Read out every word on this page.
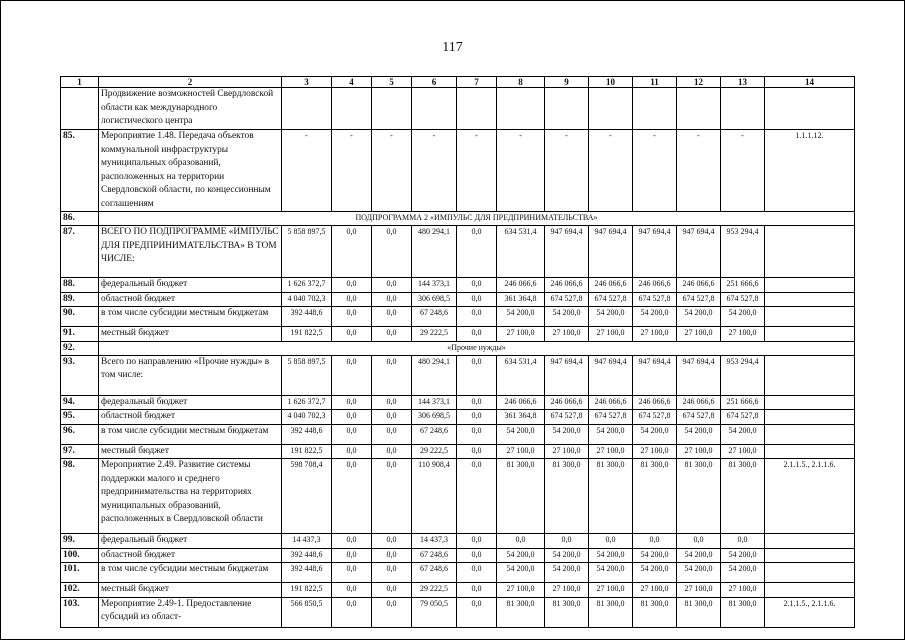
117
1	2	3	4	5	6	7	8	9	10	11	12	13	14
	Продвижение возможностей Свердловской области как международного логистического центра												
85.	Мероприятие 1.48. Передача объектов коммунальной инфраструктуры муниципальных образований, расположенных на территории Свердловской области, по концессионным соглашениям	-	-	-	-	-	-	-	-	-	-	-	1.1.1.12.
86.	ПОДПРОГРАММА 2 «ИМПУЛЬС ДЛЯ ПРЕДПРИНИМАТЕЛЬСТВА»												
87.	ВСЕГО ПО ПОДПРОГРАММЕ «ИМПУЛЬС ДЛЯ ПРЕДПРИНИМАТЕЛЬСТВА» В ТОМ ЧИСЛЕ:	5 858 897,5	0,0	0,0	480 294,1	0,0	634 531,4	947 694,4	947 694,4	947 694,4	947 694,4	953 294,4	
88.	федеральный бюджет	1 626 372,7	0,0	0,0	144 373,1	0,0	246 066,6	246 066,6	246 066,6	246 066,6	246 066,6	251 666,6	
89.	областной бюджет	4 040 702,3	0,0	0,0	306 698,5	0,0	361 364,8	674 527,8	674 527,8	674 527,8	674 527,8	674 527,8	
90.	в том числе субсидии местным бюджетам	392 448,6	0,0	0,0	67 248,6	0,0	54 200,0	54 200,0	54 200,0	54 200,0	54 200,0	54 200,0	
91.	местный бюджет	191 822,5	0,0	0,0	29 222,5	0,0	27 100,0	27 100,0	27 100,0	27 100,0	27 100,0	27 100,0	
92.	«Прочие нужды»												
93.	Всего по направлению «Прочие нужды» в том числе:	5 858 897,5	0,0	0,0	480 294,1	0,0	634 531,4	947 694,4	947 694,4	947 694,4	947 694,4	953 294,4	
94.	федеральный бюджет	1 626 372,7	0,0	0,0	144 373,1	0,0	246 066,6	246 066,6	246 066,6	246 066,6	246 066,6	251 666,6	
95.	областной бюджет	4 040 702,3	0,0	0,0	306 698,5	0,0	361 364,8	674 527,8	674 527,8	674 527,8	674 527,8	674 527,8	
96.	в том числе субсидии местным бюджетам	392 448,6	0,0	0,0	67 248,6	0,0	54 200,0	54 200,0	54 200,0	54 200,0	54 200,0	54 200,0	
97.	местный бюджет	191 822,5	0,0	0,0	29 222,5	0,0	27 100,0	27 100,0	27 100,0	27 100,0	27 100,0	27 100,0	
98.	Мероприятие 2.49. Развитие системы поддержки малого и среднего предпринимательства на территориях муниципальных образований, расположенных в Свердловской области	598 708,4	0,0	0,0	110 908,4	0,0	81 300,0	81 300,0	81 300,0	81 300,0	81 300,0	81 300,0	2.1.1.5., 2.1.1.6.
99.	федеральный бюджет	14 437,3	0,0	0,0	14 437,3	0,0	0,0	0,0	0,0	0,0	0,0	0,0	
100.	областной бюджет	392 448,6	0,0	0,0	67 248,6	0,0	54 200,0	54 200,0	54 200,0	54 200,0	54 200,0	54 200,0	
101.	в том числе субсидии местным бюджетам	392 448,6	0,0	0,0	67 248,6	0,0	54 200,0	54 200,0	54 200,0	54 200,0	54 200,0	54 200,0	
102.	местный бюджет	191 822,5	0,0	0,0	29 222,5	0,0	27 100,0	27 100,0	27 100,0	27 100,0	27 100,0	27 100,0	
103.	Мероприятие 2.49-1. Предоставление субсидий из област-	566 850,5	0,0	0,0	79 050,5	0,0	81 300,0	81 300,0	81 300,0	81 300,0	81 300,0	81 300,0	2.1.1.5., 2.1.1.6.
